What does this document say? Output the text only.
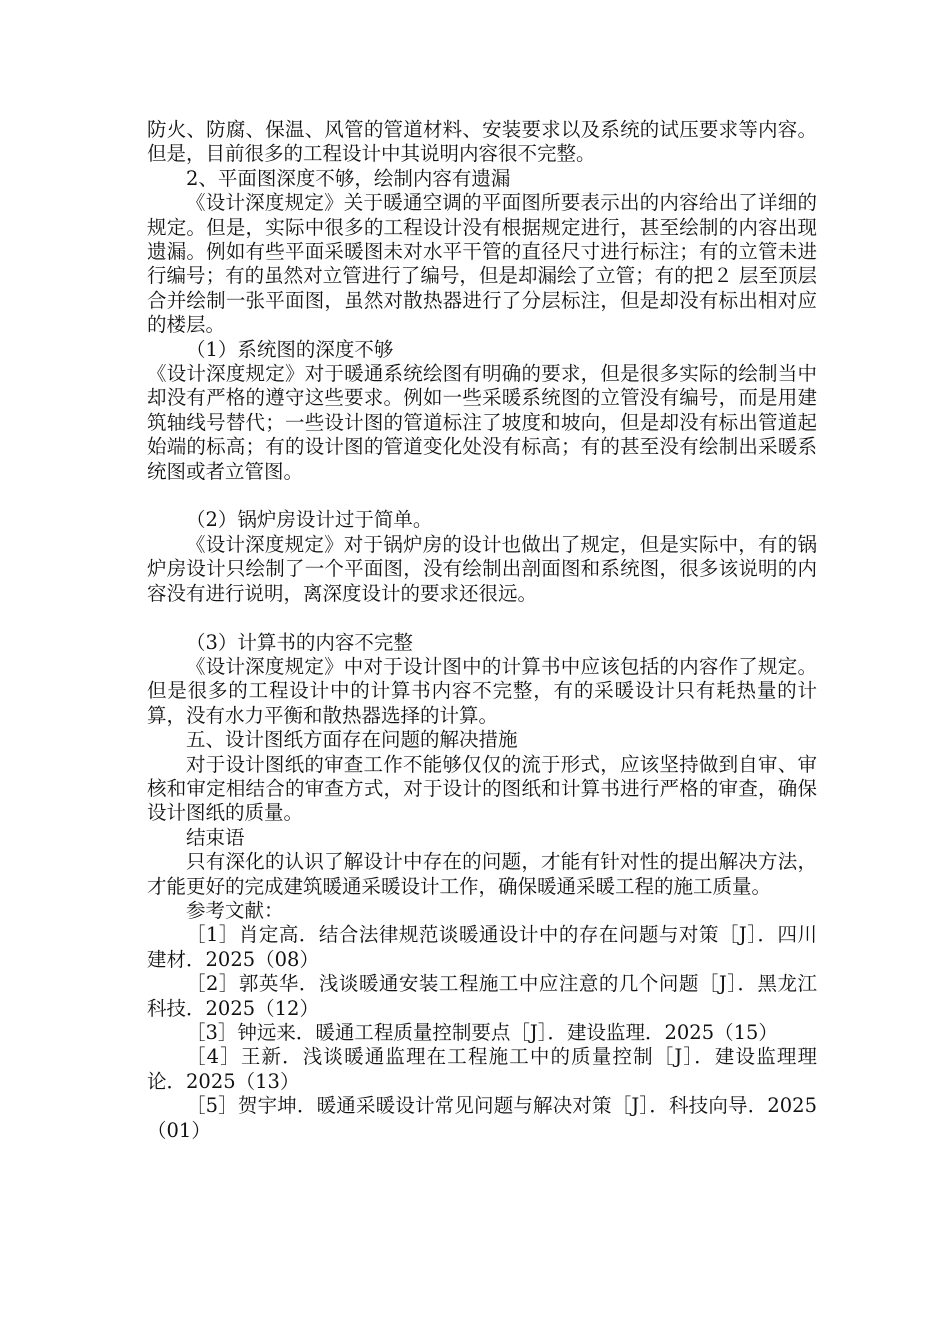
防火、防腐、保温、风管的管道材料、安装要求以及系统的试压要求等内容。但是，目前很多的工程设计中其说明内容很不完整。

2、平面图深度不够，绘制内容有遗漏

《设计深度规定》关于暖通空调的平面图所要表示出的内容给出了详细的规定。但是，实际中很多的工程设计没有根据规定进行，甚至绘制的内容出现遗漏。例如有些平面采暖图未对水平干管的直径尺寸进行标注；有的立管未进行编号；有的虽然对立管进行了编号，但是却漏绘了立管；有的把２ 层至顶层合并绘制一张平面图，虽然对散热器进行了分层标注，但是却没有标出相对应的楼层。

（1）系统图的深度不够

《设计深度规定》对于暖通系统绘图有明确的要求，但是很多实际的绘制当中却没有严格的遵守这些要求。例如一些采暖系统图的立管没有编号，而是用建筑轴线号替代；一些设计图的管道标注了坡度和坡向，但是却没有标出管道起始端的标高；有的设计图的管道变化处没有标高；有的甚至没有绘制出采暖系统图或者立管图。

（2）锅炉房设计过于简单。

《设计深度规定》对于锅炉房的设计也做出了规定，但是实际中，有的锅炉房设计只绘制了一个平面图，没有绘制出剖面图和系统图，很多该说明的内容没有进行说明，离深度设计的要求还很远。

（3）计算书的内容不完整

《设计深度规定》中对于设计图中的计算书中应该包括的内容作了规定。但是很多的工程设计中的计算书内容不完整，有的采暖设计只有耗热量的计算，没有水力平衡和散热器选择的计算。

五、设计图纸方面存在问题的解决措施

对于设计图纸的审查工作不能够仅仅的流于形式，应该坚持做到自审、审核和审定相结合的审查方式，对于设计的图纸和计算书进行严格的审查，确保设计图纸的质量。

结束语

只有深化的认识了解设计中存在的问题，才能有针对性的提出解决方法，才能更好的完成建筑暖通采暖设计工作，确保暖通采暖工程的施工质量。

参考文献：

［1］肖定高．结合法律规范谈暖通设计中的存在问题与对策［J］．四川建材．2025（08）

［2］郭英华．浅谈暖通安装工程施工中应注意的几个问题［J］．黑龙江科技．2025（12）

［3］钟远来．暖通工程质量控制要点［J］．建设监理．2025（15）

［4］王新．浅谈暖通监理在工程施工中的质量控制［J］．建设监理理论．2025（13）

［5］贺宇坤．暖通采暖设计常见问题与解决对策［J］．科技向导．2025（01）
